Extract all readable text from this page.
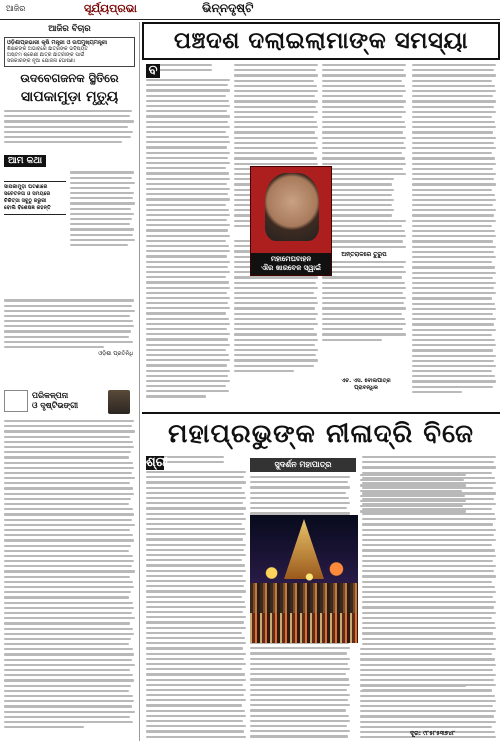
ଆଜିର	ସୂର୍ଯ୍ୟପ୍ରଭା	ଭିନ୍ନଦୃଷ୍ଟି
ଆଜିର ବିଚାର
ଓଡ଼ିଶାପ୍ରଭାରୀ କୃଷି ମନ୍ତ୍ରୀ ଓ ଉପମୁଖ୍ୟମନ୍ତ୍ରୀ
ଶିକ୍ଷକଙ୍କ ଅଭାବରେ ଛାତ୍ରଙ୍କ ଭବିଷ୍ୟତ
ଅଷ୍ଟମ ଶ୍ରେଣୀ ଛାତ୍ର ଛାତ୍ରୀଙ୍କ ପାଇଁ
ସରକାରଙ୍କ ନୂଆ ଯୋଜନା ଘୋଷଣା
ଉଦବେଗଜନକ ସ୍ଥିତିରେ
ସାପକାମୁଡ଼ା ମୃତ୍ୟୁ
ଆମ କଥା
ସାପକାମୁଡ଼ା ଘଟଣାରେ
ସଚେତନତା ଓ ସମୟରେ
ଚିକିତ୍ସା ସବୁଠୁ ଜରୁରୀ
ବୋଲି ବିଶେଷଜ୍ଞ କହନ୍ତି
ଓଡ଼ିଶା ପ୍ରତିନିଧି
ପରିକଳ୍ପନା
ଓ ଦୃଷ୍ଟିଭଙ୍ଗୀ
ପଞ୍ଚଦଶ ଦଲାଇଲାମାଙ୍କ ସମସ୍ୟା
ବ
ଅନ୍ତରାଳରେ ତୁରୁପ
ମହାମେଘବାହନ
ଐର ଖାରବେଳ ସ୍ୱାଇଁ
ଏଚ. ଏସ. ବୋଲପାତ୍ର
ପ୍ରାବନ୍ଧିକ
ମହାପ୍ରଭୁଙ୍କ ନୀଳାଦ୍ରି ବିଜେ
ସୁଦର୍ଶନ ମହାପାତ୍ର
ଶ୍ରୀ
ଦୂର: ୯୮୫୮୫୩୭୪୮
